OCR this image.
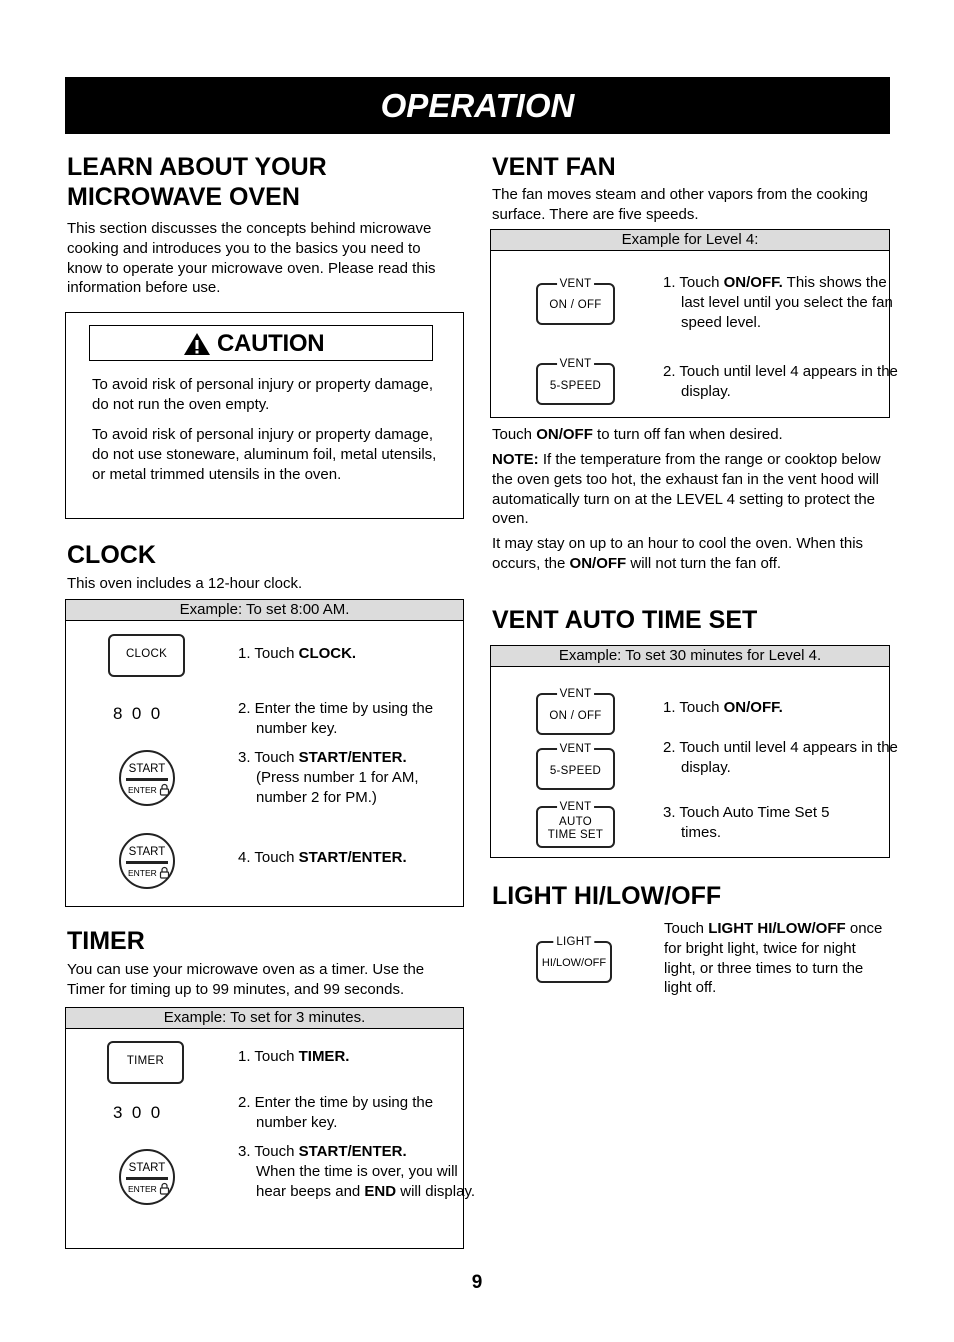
OPERATION
LEARN ABOUT YOUR
MICROWAVE OVEN
This section discusses the concepts behind microwave cooking and introduces you to the basics you need to know to operate your microwave oven. Please read this information before use.
CAUTION
To avoid risk of personal injury or property damage, do not run the oven empty.
To avoid risk of personal injury or property damage, do not use stoneware, aluminum foil, metal utensils, or metal trimmed utensils in the oven.
CLOCK
This oven includes a 12-hour clock.
Example: To set 8:00 AM.
CLOCK
8  0  0
START
ENTER
START
ENTER
1. Touch CLOCK.
2. Enter the time by using the number key.
3. Touch START/ENTER.
(Press number 1 for AM, number 2 for PM.)
4. Touch START/ENTER.
TIMER
You can use your microwave oven as a timer. Use the Timer for timing up to 99 minutes, and 99 seconds.
Example: To set for 3 minutes.
TIMER
3  0  0
START
ENTER
1. Touch TIMER.
2. Enter the time by using the number key.
3. Touch START/ENTER.
When the time is over, you will hear beeps and END will display.
VENT FAN
The fan moves steam and other vapors from the cooking surface. There are five speeds.
Example for Level 4:
VENT
ON / OFF
VENT
5-SPEED
1. Touch ON/OFF. This shows the last level until you select the fan speed level.
2. Touch until level 4 appears in the display.
Touch ON/OFF to turn off fan when desired.
NOTE: If the temperature from the range or cooktop below the oven gets too hot, the exhaust fan in the vent hood will automatically turn on at the LEVEL 4 setting to protect the oven.
It may stay on up to an hour to cool the oven. When this occurs, the ON/OFF will not turn the fan off.
VENT AUTO TIME SET
Example: To set 30 minutes for Level 4.
VENT
ON / OFF
VENT
5-SPEED
VENT
AUTO
TIME SET
1. Touch ON/OFF.
2. Touch until level 4 appears in the display.
3. Touch Auto Time Set 5 times.
LIGHT HI/LOW/OFF
LIGHT
HI/LOW/OFF
Touch LIGHT HI/LOW/OFF once for bright light, twice for night light, or three times to turn the light off.
9
